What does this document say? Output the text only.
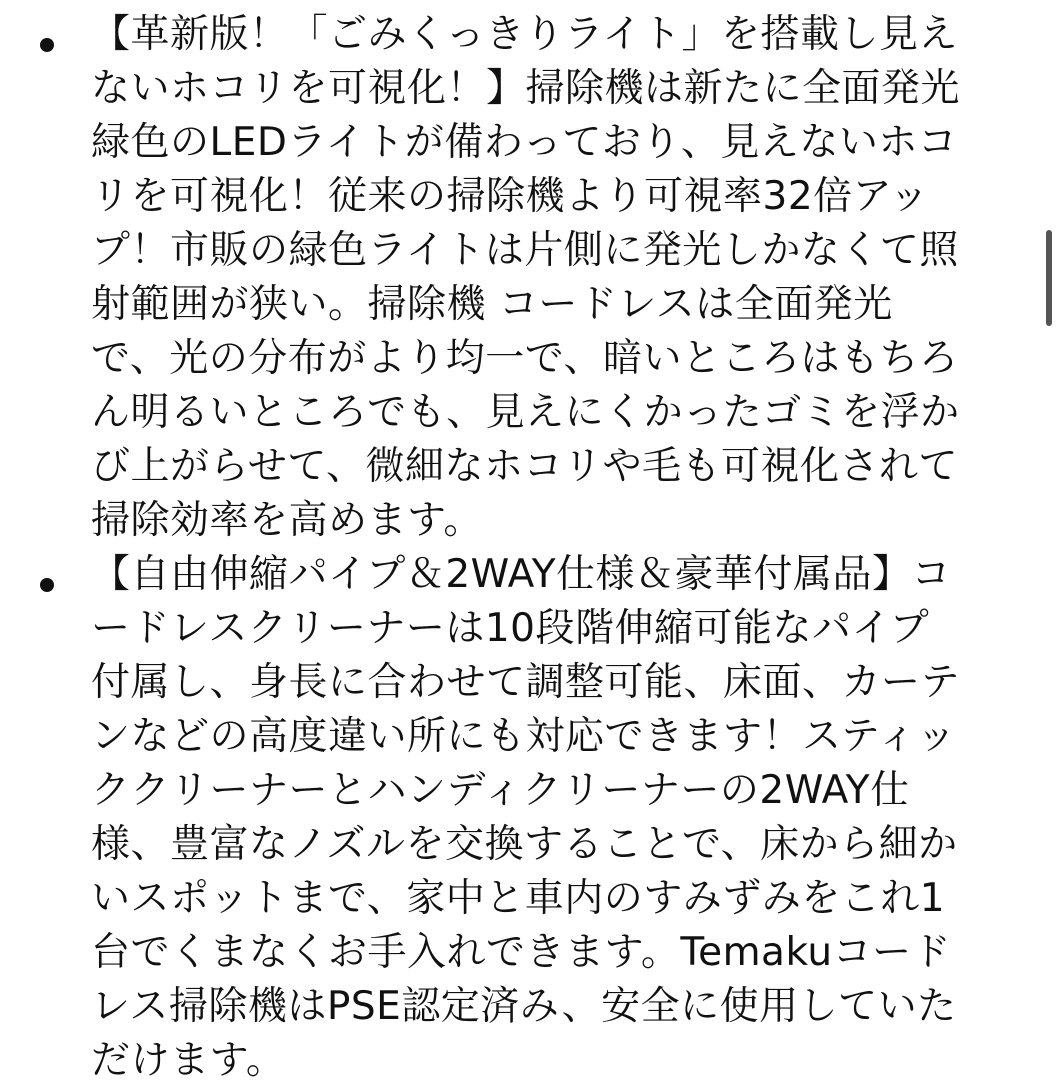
【革新版！「ごみくっきりライト」を搭載し見え
ないホコリを可視化！】掃除機は新たに全面発光
緑色のLEDライトが備わっており、見えないホコ
リを可視化！従来の掃除機より可視率32倍アッ
プ！市販の緑色ライトは片側に発光しかなくて照
射範囲が狭い。掃除機 コードレスは全面発光
で、光の分布がより均一で、暗いところはもちろ
ん明るいところでも、見えにくかったゴミを浮か
び上がらせて、微細なホコリや毛も可視化されて
掃除効率を高めます。

【自由伸縮パイプ＆2WAY仕様＆豪華付属品】コ
ードレスクリーナーは10段階伸縮可能なパイプ
付属し、身長に合わせて調整可能、床面、カーテ
ンなどの高度違い所にも対応できます！スティッ
ククリーナーとハンディクリーナーの2WAY仕
様、豊富なノズルを交換することで、床から細か
いスポットまで、家中と車内のすみずみをこれ1
台でくまなくお手入れできます。Temakuコード
レス掃除機はPSE認定済み、安全に使用していた
だけます。
